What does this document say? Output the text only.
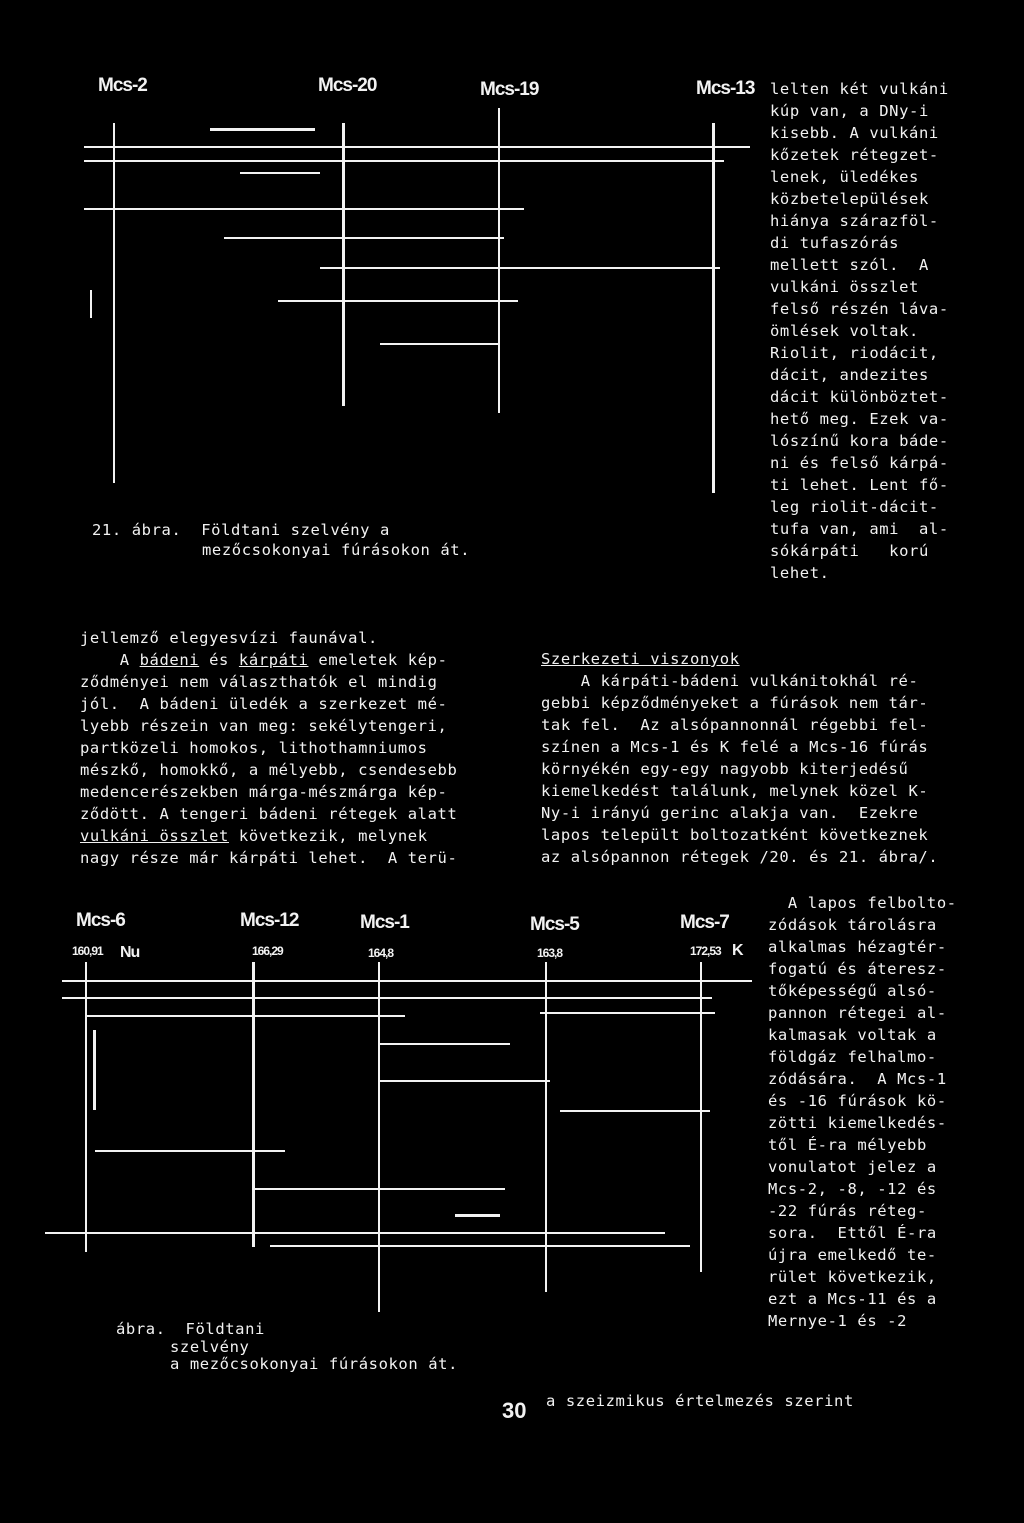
Mcs-2	Mcs-20	Mcs-19	Mcs-13
21. ábra.  Földtani szelvény a
mezőcsokonyai fúrásokon át.
lelten két vulkáni
kúp van, a DNy-i
kisebb. A vulkáni
kőzetek rétegzet-
lenek, üledékes
közbetelepülések
hiánya szárazföl-
di tufaszórás
mellett szól.  A
vulkáni összlet
felső részén láva-
ömlések voltak.
Riolit, riodácit,
dácit, andezites
dácit különböztet-
hető meg. Ezek va-
lószínű kora báde-
ni és felső kárpá-
ti lehet. Lent fő-
leg riolit-dácit-
tufa van, ami  al-
sókárpáti   korú
lehet.
jellemző elegyesvízi faunával.
A bádeni és kárpáti emeletek kép-
ződményei nem választhatók el mindig
jól.  A bádeni üledék a szerkezet mé-
lyebb részein van meg: sekélytengeri,
partközeli homokos, lithothamniumos
mészkő, homokkő, a mélyebb, csendesebb
medencerészekben márga-mészmárga kép-
ződött. A tengeri bádeni rétegek alatt
vulkáni összlet következik, melynek
nagy része már kárpáti lehet.  A terü-
Szerkezeti viszonyok
A kárpáti-bádeni vulkánitokhál ré-
gebbi képződményeket a fúrások nem tár-
tak fel.  Az alsópannonnál régebbi fel-
színen a Mcs-1 és K felé a Mcs-16 fúrás
környékén egy-egy nagyobb kiterjedésű
kiemelkedést találunk, melynek közel K-
Ny-i irányú gerinc alakja van.  Ezekre
lapos települt boltozatként következnek
az alsópannon rétegek /20. és 21. ábra/.
A lapos felbolto-
zódások tárolásra
alkalmas hézagtér-
fogatú és áteresz-
tőképességű alsó-
pannon rétegei al-
kalmasak voltak a
földgáz felhalmo-
zódására.  A Mcs-1
és -16 fúrások kö-
zötti kiemelkedés-
től É-ra mélyebb
vonulatot jelez a
Mcs-2, -8, -12 és
-22 fúrás réteg-
sora.  Ettől É-ra
újra emelkedő te-
rület következik,
ezt a Mcs-11 és a
Mernye-1 és -2
Mcs-6	Mcs-12	Mcs-1	Mcs-5	Mcs-7
160,91 Nu	166,29	164,8	163,8	172,53 K
ábra.  Földtani
szelvény
a mezőcsokonyai fúrásokon át.
30 a szeizmikus értelmezés szerint
